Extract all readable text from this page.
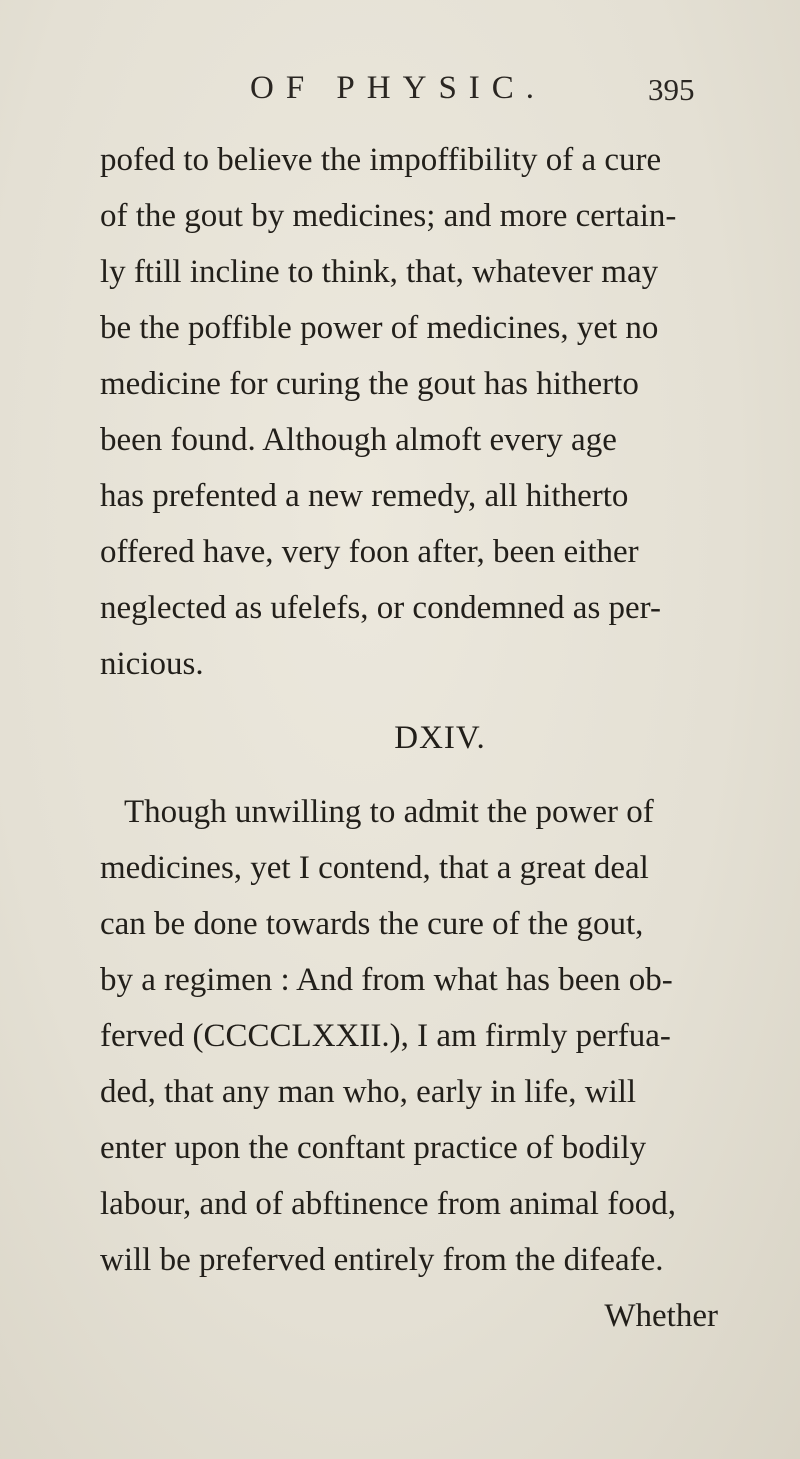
OF PHYSIC.	395
pofed to believe the impoffibility of a cure
of the gout by medicines; and more certain-
ly ftill incline to think, that, whatever may
be the poffible power of medicines, yet no
medicine for curing the gout has hitherto
been found. Although almoft every age
has prefented a new remedy, all hitherto
offered have, very foon after, been either
neglected as ufelefs, or condemned as per-
nicious.
DXIV.
Though unwilling to admit the power of
medicines, yet I contend, that a great deal
can be done towards the cure of the gout,
by a regimen : And from what has been ob-
ferved (CCCCLXXII.), I am firmly perfua-
ded, that any man who, early in life, will
enter upon the conftant practice of bodily
labour, and of abftinence from animal food,
will be preferved entirely from the difeafe.
Whether
